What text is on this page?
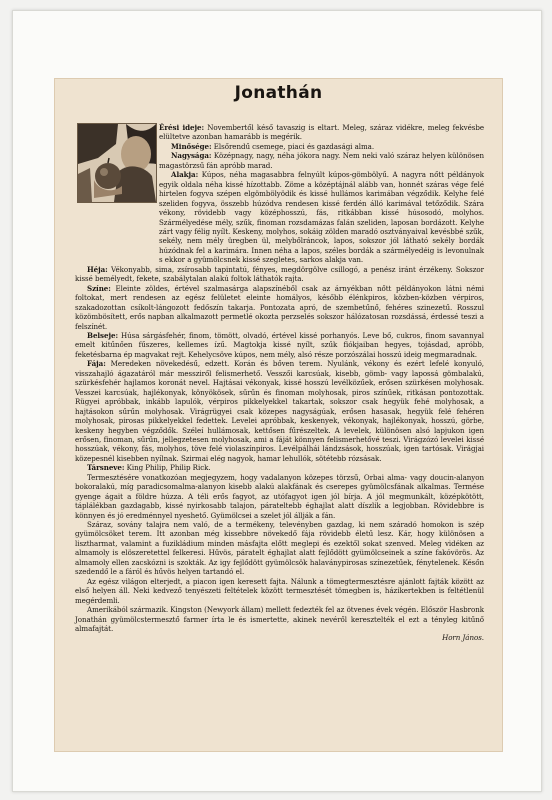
Jonathán

Érési ideje: Novembertől késő tavaszig is eltart. Meleg, száraz vidékre, meleg fekvésbe elültetve azonban hamarább is megérik.

Minősége: Elsőrendű csemege, piaci és gazdasági alma.

Nagysága: Középnagy, nagy, néha jókora nagy. Nem neki való száraz helyen különösen magastörzsű fán apróbb marad.

Alakja: Kúpos, néha magasabbra felnyúlt kúpos-gömbölyű. A nagyra nőtt példányok egyik oldala néha kissé hízottabb. Zöme a középtájnál alább van, honnét száras vége felé hirtelen fogyva szépen elgömbölyödik és kissé hullámos karimában végződik. Kelyhe felé szeliden fogyva, összebb húzódva rendesen kissé ferdén álló karimával tetőződik. Szára vékony, rövidebb vagy középhosszú, fás, ritkábban kissé húsosodó, molyhos. Szármélyedése mély, szűk, finoman rozsdamázas falán szeliden, laposan bordázott. Kelyhe zárt vagy félig nyílt. Keskeny, molyhos, sokáig zölden maradó osztványaival kevésbbé szűk, sekély, nem mély üregben ül, melybőlráncok, lapos, sokszor jól látható sekély bordák húzódnak fel a karimára. Innen néha a lapos, széles bordák a szármélyedéig is levonulnak s ekkor a gyümölcsnek kissé szegletes, sarkos alakja van.

Héja: Vékonyabb, sima, zsírosabb tapintatú, fényes, megdörgölve csillogó, a penész iránt érzékeny. Sokszor kissé bemélyedt, fekete, szabálytalan alakú foltok láthatók rajta.

Színe: Eleinte zöldes, értével szalmasárga alapszínéből csak az árnyékban nőtt példányokon látni némi foltokat, mert rendesen az egész felületet eleinte homályos, később élénkpiros, közben-közben vérpiros, szakadozottan csíkolt-lángozott fedőszín takarja. Pontozata apró, de szembetűnő, fehéres szinezetű. Rosszul közömbösített, erős napban alkalmazott permetlé okozta perzselés sokszor hálózatosan rozsdássá, érdessé teszi a felszínét.

Belseje: Húsa sárgásfehér, finom, tömött, olvadó, értével kissé porhanyós. Leve bő, cukros, finom savannyal emelt kitűnően fűszeres, kellemes ízű. Magtokja kissé nyílt, szűk fiókjaiban hegyes, tojásdad, apróbb, feketésbarna ép magvakat rejt. Kehelycsöve kúpos, nem mély, alsó része porzószálai hosszú ideig megmaradnak.

Fája: Meredeken növekedésű, edzett. Korán és bőven terem. Nyulánk, vékony és ezért lefelé konyuló, visszahajló ágazatáról már messziről felismerhető. Vesszői karcsúak, kisebb, gömb- vagy lapossá gömbalakú, szürkésfehér hajlamos koronát nevel. Hajtásai vékonyak, kissé hosszú levélközűek, erősen szürkésen molyhosak. Vesszei karcsúak, hajlékonyak, könyökösek, sűrűn és finoman molyhosak, piros színűek, ritkásan pontozottak. Rügyei apróbbak, inkább lapulók, vérpiros pikkelyekkel takartak, sokszor csak hegyük fehé molyhosak, a hajtásokon sűrűn molyhosak. Virágrügyei csak közepes nagyságúak, erősen hasasak, hegyük felé fehéren molyhosak, pirosas pikkelyekkel fedettek. Levelei apróbbak, keskenyek, vékonyak, hajlékonyak, hosszú, görbe, keskeny hegyben végződők. Széleí hullámosak, kettősen fűrészeltek. A levelek, különösen alsó lapjukon igen erősen, finoman, sűrűn, jellegzetesen molyhosak, ami a fáját könnyen felismerhetővé teszi. Virágzózó levelei kissé hosszúak, vékony, fás, molyhos, töve felé violaszínpiros. Levélpálhái lándzsások, hosszúak, igen tartósak. Virágjai közepesnél kisebben nyílnak. Szirmai elég nagyok, hamar lehullók, sötétebb rózsásak.

Társneve: King Philip, Philip Rick.

Termesztésére vonatkozóan megjegyzem, hogy vadalanyon közepes törzsű, Orbai alma- vagy doucin-alanyon bokoralakú, míg paradicsomalma-alanyon kisebb alakú alakfának és cserepes gyümölcsfának alkalmas. Termése gyenge ágait a földre húzza. A téli erős fagyot, az utófagyot igen jól bírja. A jól megmunkált, középkötött, táplálékban gazdagabb, kissé nyirkosabb talajon, párateltebb éghajlat alatt díszlik a legjobban. Rövidebbre is könnyen és jó eredménnyel nyeshető. Gyümölcsei a szelet jól állják a fán.

Száraz, sovány talajra nem való, de a termékeny, televényben gazdag, ki nem száradó homokon is szép gyümölcsöket terem. Itt azonban még kissebbre növekedő fája rövidebb életű lesz. Kár, hogy különösen a lisztharmat, valamint a fuzikládium minden másfajta előtt meglepi és ezektől sokat szenved. Meleg vidéken az almamoly is elöszeretettel felkeresi. Hűvös, páratelt éghajlat alatt fejlődött gyümölcseinek a színe fakóvörös. Az almamoly ellen zacskózni is szokták. Az igy fejlődött gyümölcsök halaványpirosas színezetűek, fénytelenek. Későn szedendő le a fáról és hűvös helyen tartandó el.

Az egész világon elterjedt, a piacon igen keresett fajta. Nálunk a tömegtermesztésre ajánlott fajták között az első helyen áll. Neki kedvező tenyészeti feltételek között termesztését tömegben is, házikertekben is feltétlenül megérdemli.

Amerikából származik. Kingston (Newyork állam) mellett fedezték fel az ötvenes évek végén. Először Hasbronk Jonathán gyümölcstermesztő farmer írta le és ismertette, akinek nevéről keresztelték el ezt a tényleg kitűnő almafajtát.

Horn János.
